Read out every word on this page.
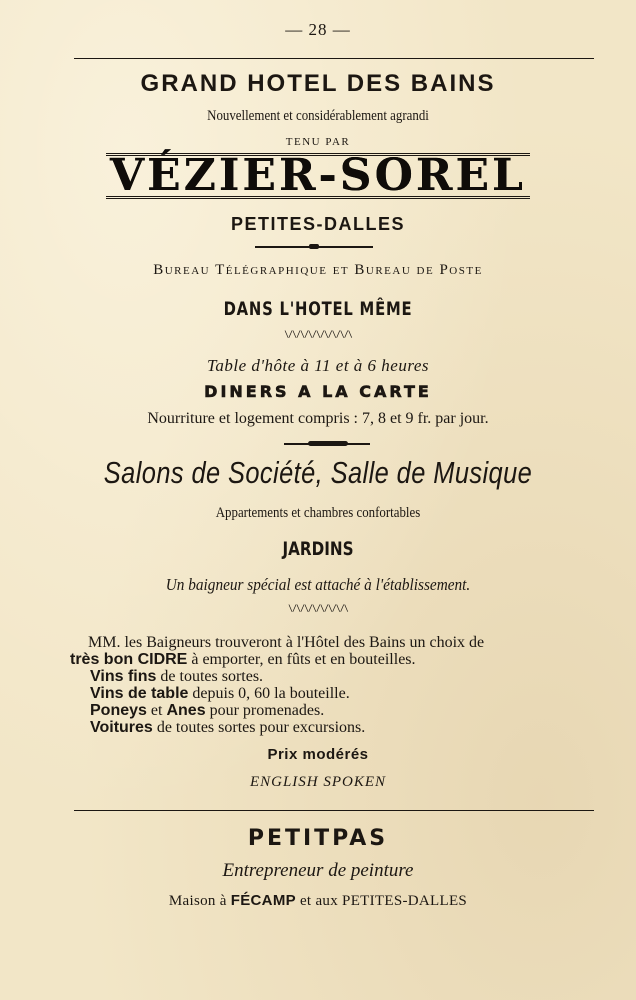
— 28 —
GRAND HOTEL DES BAINS
Nouvellement et considérablement agrandi
TENU PAR
VÉZIER-SOREL
PETITES-DALLES
Bureau Télégraphique et Bureau de Poste
DANS L'HOTEL MÊME
\/\/\/\/\/\/\/\/\
Table d'hôte à 11 et à 6 heures
DINERS A LA CARTE
Nourriture et logement compris : 7, 8 et 9 fr. par jour.
Salons de Société, Salle de Musique
Appartements et chambres confortables
JARDINS
Un baigneur spécial est attaché à l'établissement.
\/\/\/\/\/\/\/\
MM. les Baigneurs trouveront à l'Hôtel des Bains un choix de
très bon CIDRE à emporter, en fûts et en bouteilles.
Vins fins de toutes sortes.
Vins de table depuis 0, 60 la bouteille.
Poneys et Anes pour promenades.
Voitures de toutes sortes pour excursions.
Prix modérés
ENGLISH SPOKEN
PETITPAS
Entrepreneur de peinture
Maison à FÉCAMP et aux PETITES-DALLES
